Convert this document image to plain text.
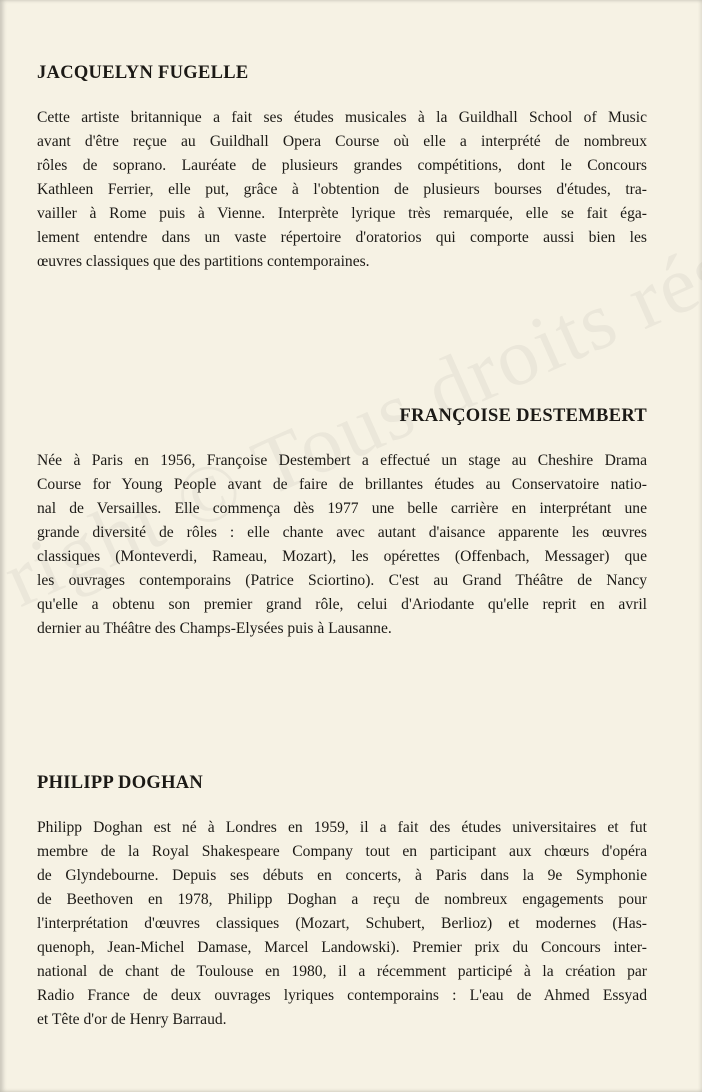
JACQUELYN FUGELLE
Cette artiste britannique a fait ses études musicales à la Guildhall School of Music
avant d'être reçue au Guildhall Opera Course où elle a interprété de nombreux
rôles de soprano. Lauréate de plusieurs grandes compétitions, dont le Concours
Kathleen Ferrier, elle put, grâce à l'obtention de plusieurs bourses d'études, tra-
vailler à Rome puis à Vienne. Interprète lyrique très remarquée, elle se fait éga-
lement entendre dans un vaste répertoire d'oratorios qui comporte aussi bien les
œuvres classiques que des partitions contemporaines.
FRANÇOISE DESTEMBERT
Née à Paris en 1956, Françoise Destembert a effectué un stage au Cheshire Drama
Course for Young People avant de faire de brillantes études au Conservatoire natio-
nal de Versailles. Elle commença dès 1977 une belle carrière en interprétant une
grande diversité de rôles : elle chante avec autant d'aisance apparente les œuvres
classiques (Monteverdi, Rameau, Mozart), les opérettes (Offenbach, Messager) que
les ouvrages contemporains (Patrice Sciortino). C'est au Grand Théâtre de Nancy
qu'elle a obtenu son premier grand rôle, celui d'Ariodante qu'elle reprit en avril
dernier au Théâtre des Champs-Elysées puis à Lausanne.
PHILIPP DOGHAN
Philipp Doghan est né à Londres en 1959, il a fait des études universitaires et fut
membre de la Royal Shakespeare Company tout en participant aux chœurs d'opéra
de Glyndebourne. Depuis ses débuts en concerts, à Paris dans la 9e Symphonie
de Beethoven en 1978, Philipp Doghan a reçu de nombreux engagements pour
l'interprétation d'œuvres classiques (Mozart, Schubert, Berlioz) et modernes (Has-
quenoph, Jean-Michel Damase, Marcel Landowski). Premier prix du Concours inter-
national de chant de Toulouse en 1980, il a récemment participé à la création par
Radio France de deux ouvrages lyriques contemporains : L'eau de Ahmed Essyad
et Tête d'or de Henry Barraud.
